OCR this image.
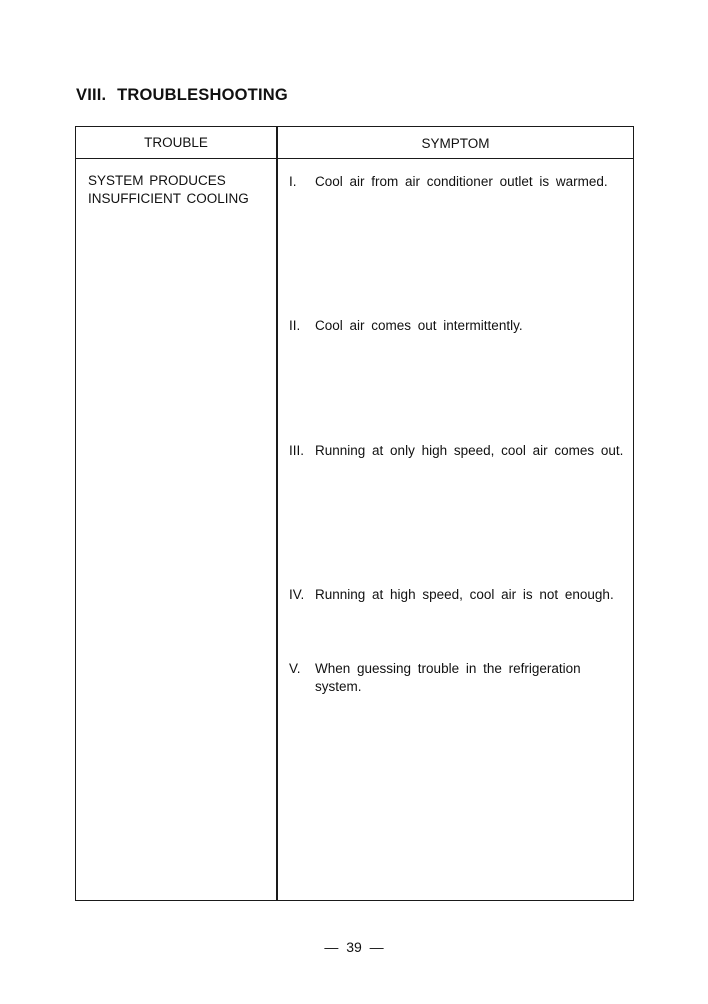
VIII. TROUBLESHOOTING
TROUBLE	SYMPTOM
SYSTEM PRODUCES
INSUFFICIENT COOLING
I. Cool air from air conditioner outlet is warmed.
II. Cool air comes out intermittently.
III. Running at only high speed, cool air comes out.
IV. Running at high speed, cool air is not enough.
V. When guessing trouble in the refrigeration system.
— 39 —
